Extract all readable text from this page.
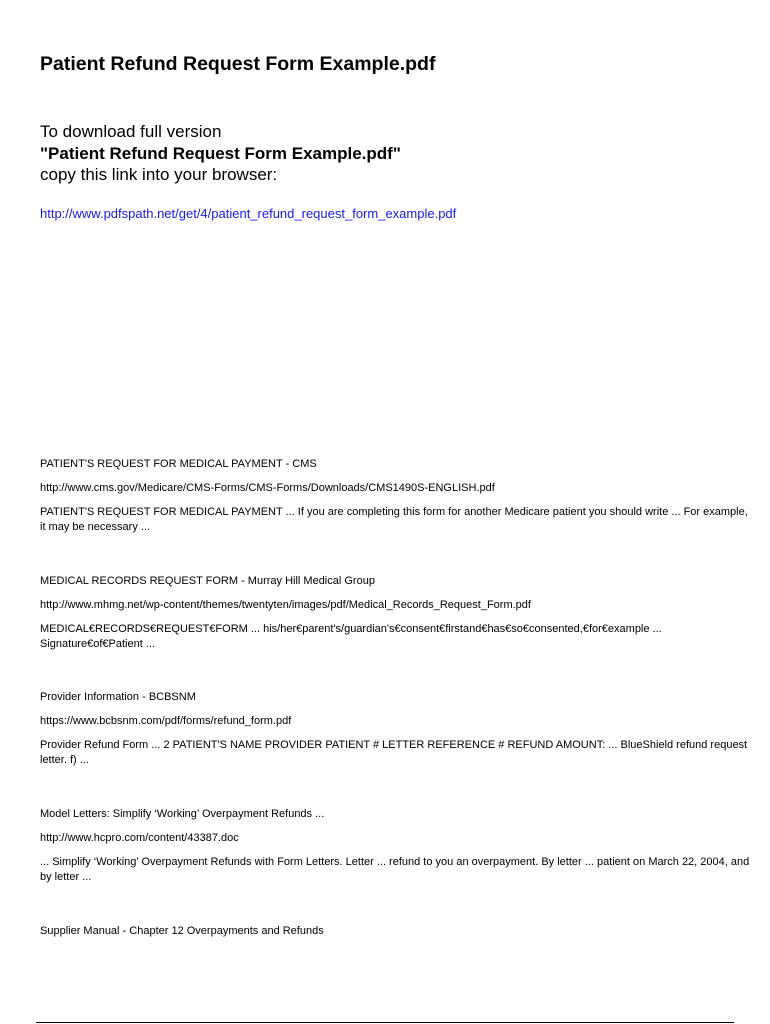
Patient Refund Request Form Example.pdf
To download full version
"Patient Refund Request Form Example.pdf"
copy this link into your browser:
http://www.pdfspath.net/get/4/patient_refund_request_form_example.pdf
PATIENT'S REQUEST FOR MEDICAL PAYMENT - CMS
http://www.cms.gov/Medicare/CMS-Forms/CMS-Forms/Downloads/CMS1490S-ENGLISH.pdf
PATIENT'S REQUEST FOR MEDICAL PAYMENT ... If you are completing this form for another Medicare patient you should write ... For example, it may be necessary ...
MEDICAL RECORDS REQUEST FORM - Murray Hill Medical Group
http://www.mhmg.net/wp-content/themes/twentyten/images/pdf/Medical_Records_Request_Form.pdf
MEDICAL€RECORDS€REQUEST€FORM ... his/her€parent's/guardian's€consent€firstand€has€so€consented,€for€example ... Signature€of€Patient ...
Provider Information - BCBSNM
https://www.bcbsnm.com/pdf/forms/refund_form.pdf
Provider Refund Form ... 2 PATIENT'S NAME PROVIDER PATIENT # LETTER REFERENCE # REFUND AMOUNT: ... BlueShield refund request letter. f) ...
Model Letters: Simplify ‘Working’ Overpayment Refunds ...
http://www.hcpro.com/content/43387.doc
... Simplify ‘Working’ Overpayment Refunds with Form Letters. Letter ... refund to you an overpayment. By letter ... patient on March 22, 2004, and by letter ...
Supplier Manual - Chapter 12 Overpayments and Refunds
